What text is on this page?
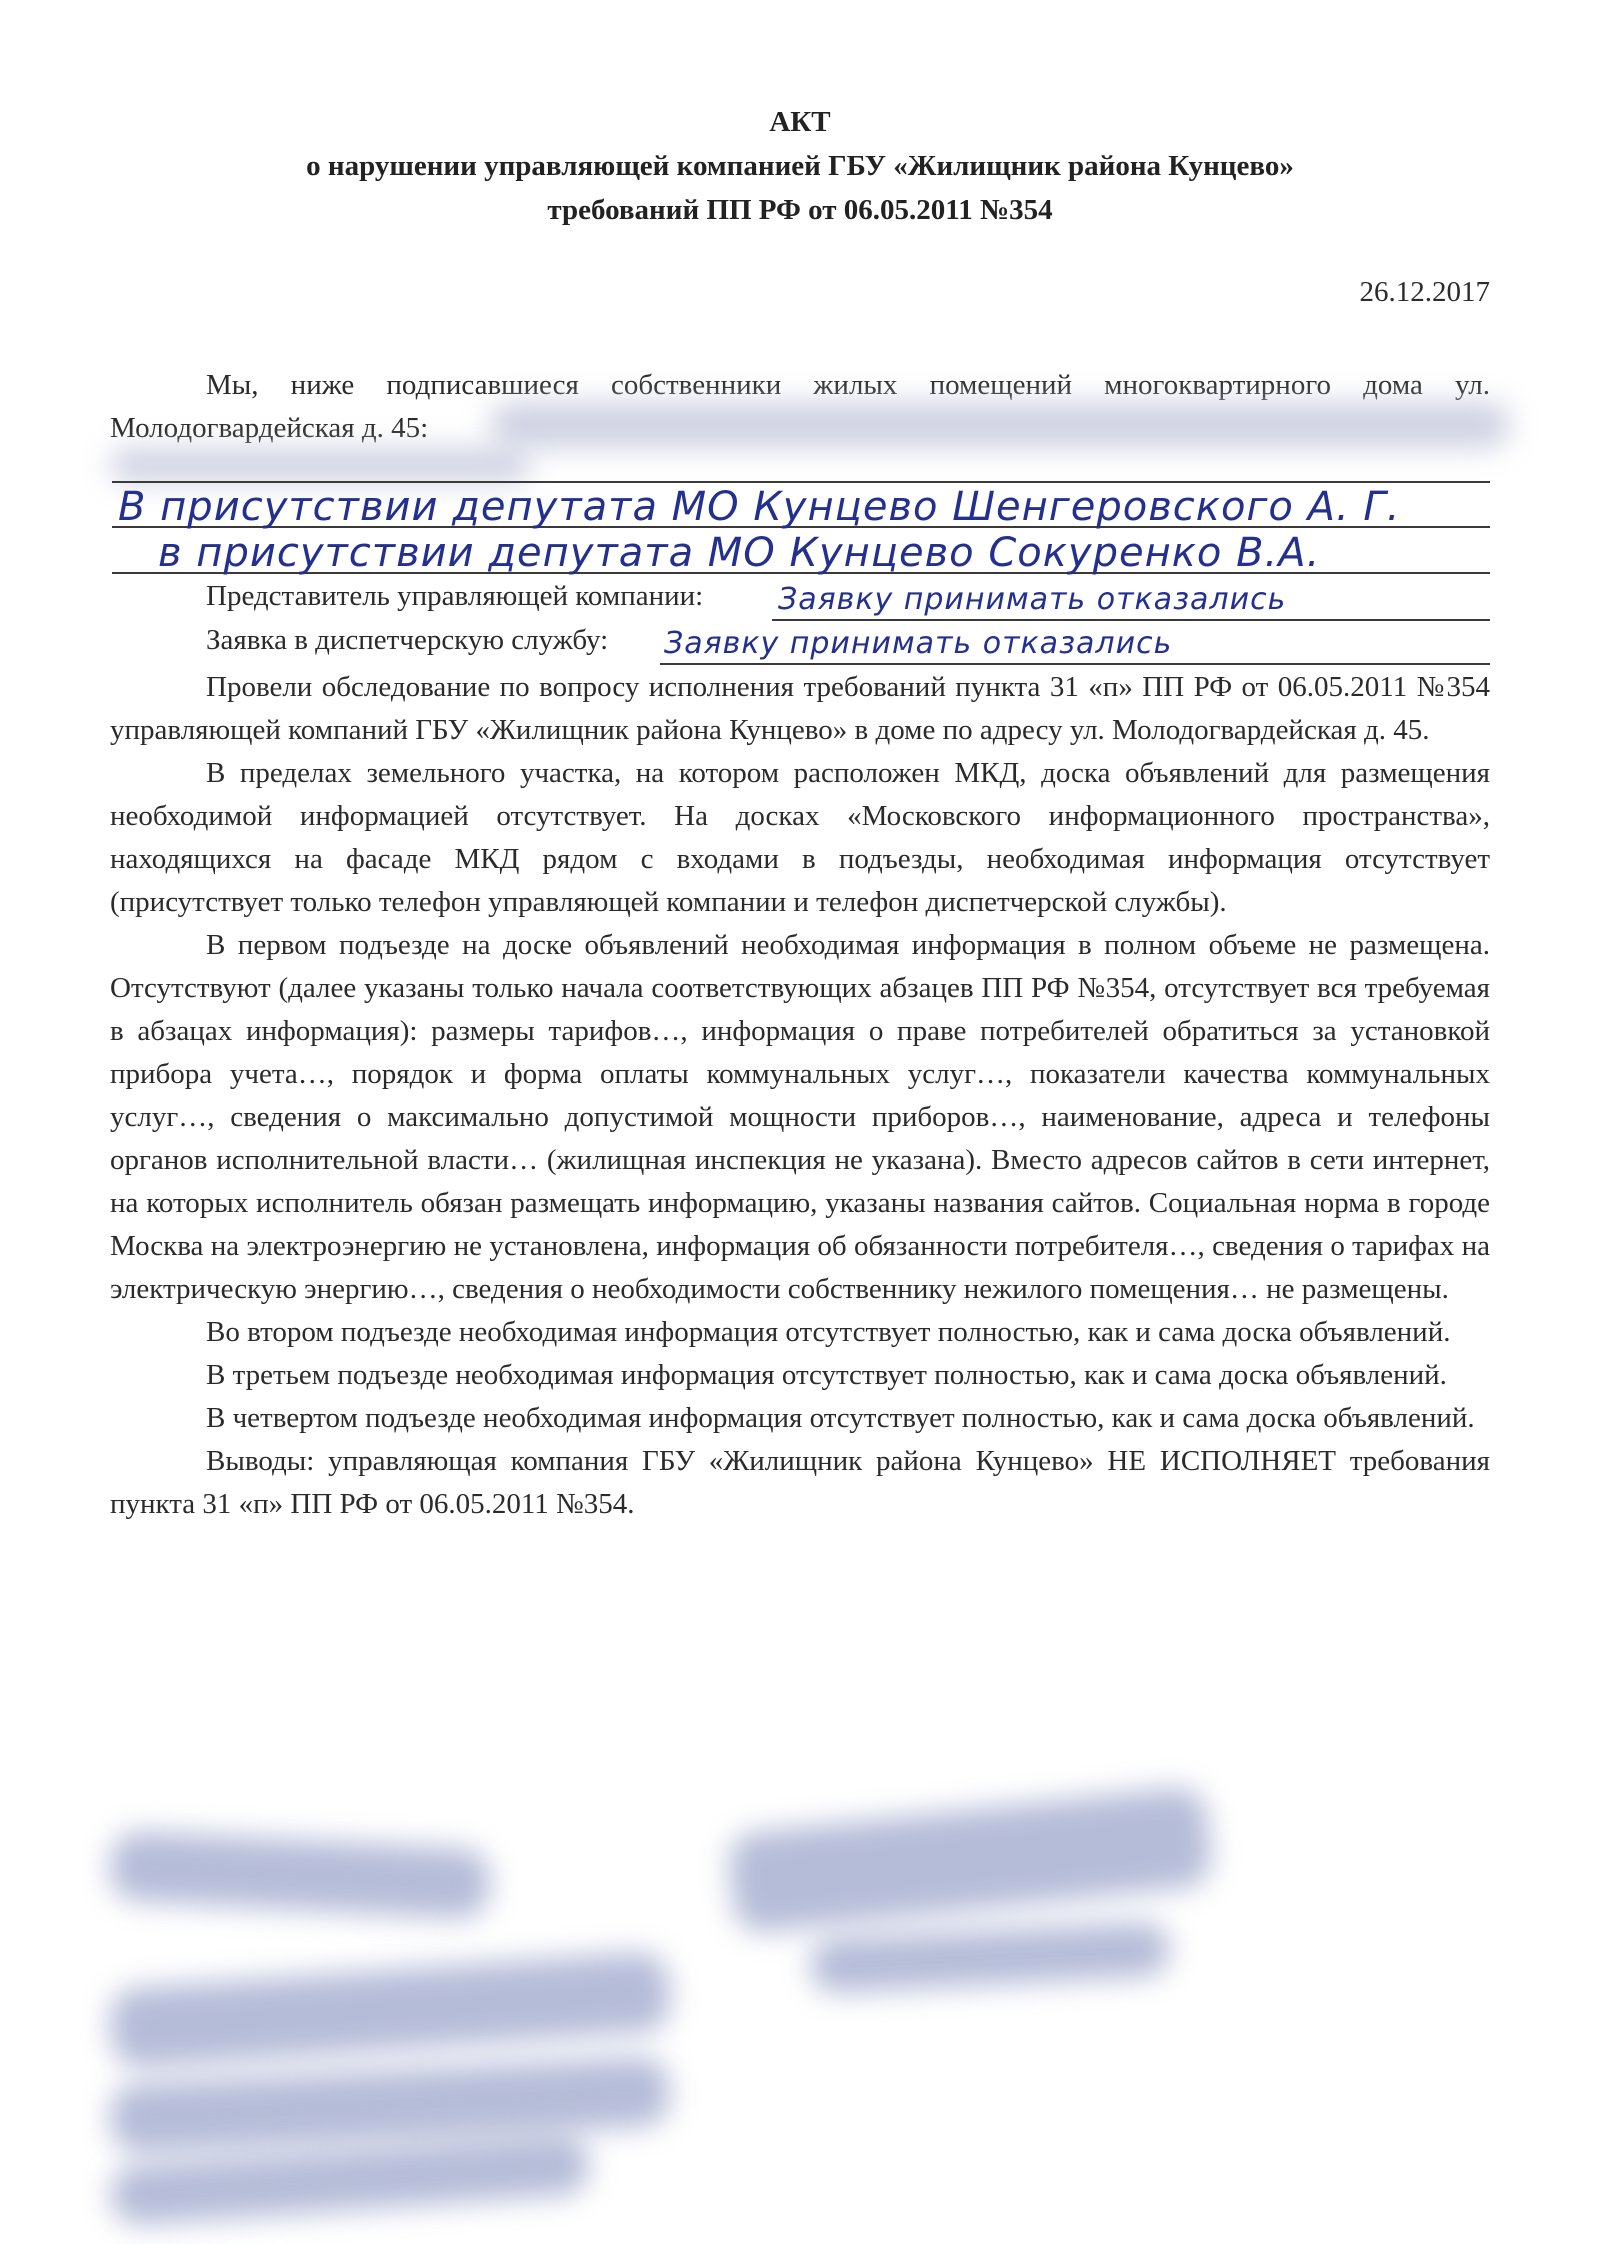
АКТ
о нарушении управляющей компанией ГБУ «Жилищник района Кунцево»
требований ПП РФ от 06.05.2011 №354
26.12.2017

Мы, ниже подписавшиеся собственники жилых помещений многоквартирного дома ул.

Молодогвардейская д. 45:

В присутствии депутата МО Кунцево Шенгеровского А. Г.
в присутствии депутата МО Кунцево Сокуренко В.А.
Представитель управляющей компании: Заявку принимать отказались
Заявка в диспетчерскую службу: Заявку принимать отказались

Провели обследование по вопросу исполнения требований пункта 31 «п» ПП РФ от 06.05.2011 №354 управляющей компаний ГБУ «Жилищник района Кунцево» в доме по адресу ул. Молодогвардейская д. 45.

В пределах земельного участка, на котором расположен МКД, доска объявлений для размещения необходимой информацией отсутствует. На досках «Московского информационного пространства», находящихся на фасаде МКД рядом с входами в подъезды, необходимая информация отсутствует (присутствует только телефон управляющей компании и телефон диспетчерской службы).

В первом подъезде на доске объявлений необходимая информация в полном объеме не размещена. Отсутствуют (далее указаны только начала соответствующих абзацев ПП РФ №354, отсутствует вся требуемая в абзацах информация): размеры тарифов…, информация о праве потребителей обратиться за установкой прибора учета…, порядок и форма оплаты коммунальных услуг…, показатели качества коммунальных услуг…, сведения о максимально допустимой мощности приборов…, наименование, адреса и телефоны органов исполнительной власти… (жилищная инспекция не указана). Вместо адресов сайтов в сети интернет, на которых исполнитель обязан размещать информацию, указаны названия сайтов. Социальная норма в городе Москва на электроэнергию не установлена, информация об обязанности потребителя…, сведения о тарифах на электрическую энергию…, сведения о необходимости собственнику нежилого помещения… не размещены.

Во втором подъезде необходимая информация отсутствует полностью, как и сама доска объявлений.

В третьем подъезде необходимая информация отсутствует полностью, как и сама доска объявлений.

В четвертом подъезде необходимая информация отсутствует полностью, как и сама доска объявлений.

Выводы: управляющая компания ГБУ «Жилищник района Кунцево» НЕ ИСПОЛНЯЕТ требования пункта 31 «п» ПП РФ от 06.05.2011 №354.
